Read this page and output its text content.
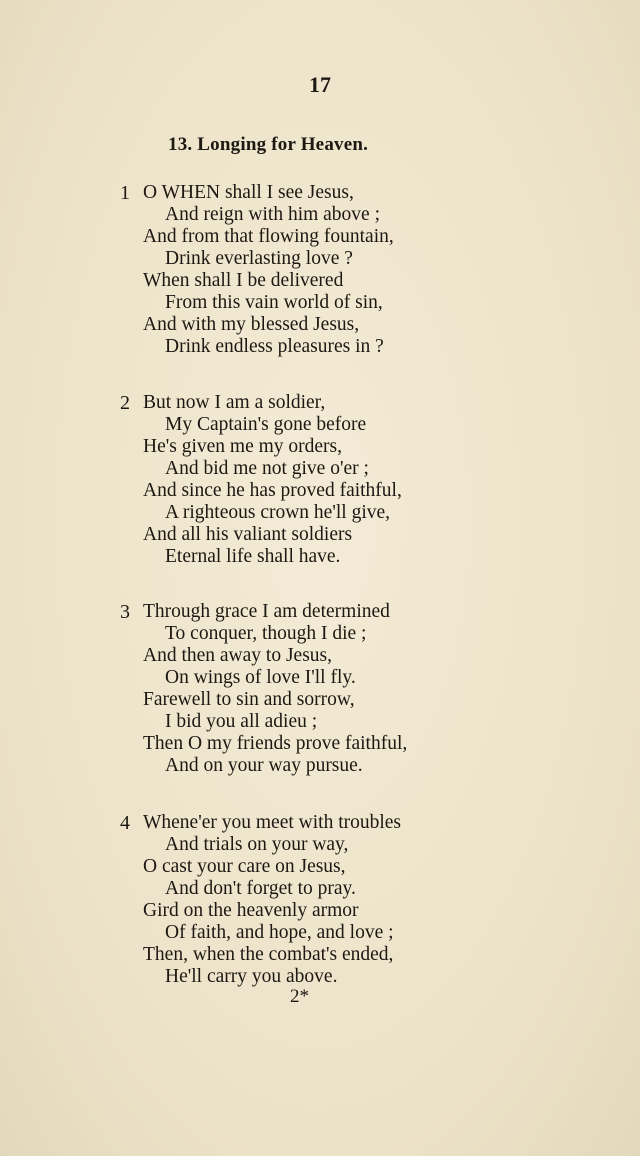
17
13. Longing for Heaven.
1 O WHEN shall I see Jesus,
And reign with him above ;
And from that flowing fountain,
Drink everlasting love ?
When shall I be delivered
From this vain world of sin,
And with my blessed Jesus,
Drink endless pleasures in ?
2 But now I am a soldier,
My Captain's gone before
He's given me my orders,
And bid me not give o'er ;
And since he has proved faithful,
A righteous crown he'll give,
And all his valiant soldiers
Eternal life shall have.
3 Through grace I am determined
To conquer, though I die ;
And then away to Jesus,
On wings of love I'll fly.
Farewell to sin and sorrow,
I bid you all adieu ;
Then O my friends prove faithful,
And on your way pursue.
4 Whene'er you meet with troubles
And trials on your way,
O cast your care on Jesus,
And don't forget to pray.
Gird on the heavenly armor
Of faith, and hope, and love ;
Then, when the combat's ended,
He'll carry you above.
2*
